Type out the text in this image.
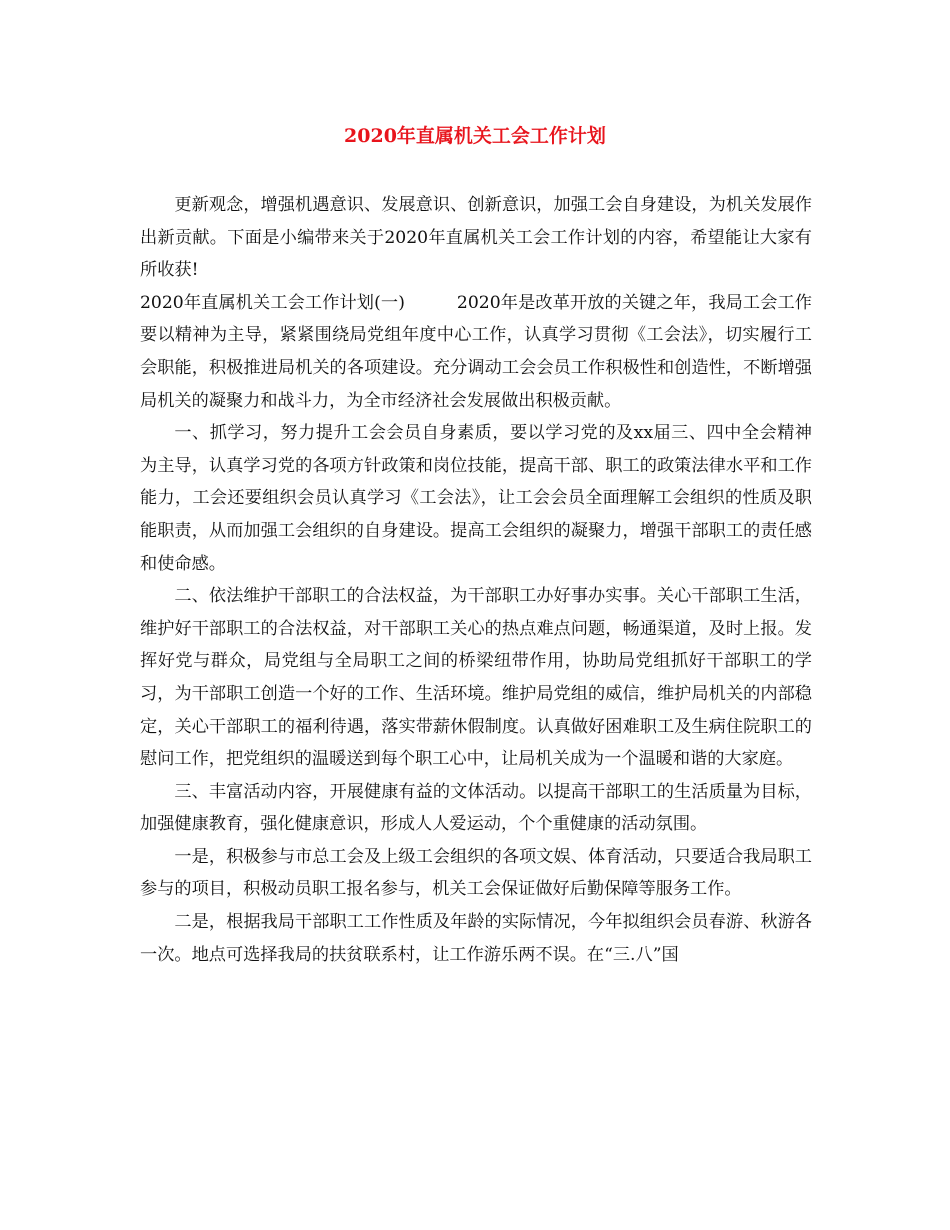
2020年直属机关工会工作计划

更新观念，增强机遇意识、发展意识、创新意识，加强工会自身建设，为机关发展作出新贡献。下面是小编带来关于2020年直属机关工会工作计划的内容，希望能让大家有所收获!

2020年直属机关工会工作计划(一)	2020年是改革开放的关键之年，我局工会工作要以精神为主导，紧紧围绕局党组年度中心工作，认真学习贯彻《工会法》，切实履行工会职能，积极推进局机关的各项建设。充分调动工会会员工作积极性和创造性，不断增强局机关的凝聚力和战斗力，为全市经济社会发展做出积极贡献。

一、抓学习，努力提升工会会员自身素质，要以学习党的及xx届三、四中全会精神为主导，认真学习党的各项方针政策和岗位技能，提高干部、职工的政策法律水平和工作能力，工会还要组织会员认真学习《工会法》，让工会会员全面理解工会组织的性质及职能职责，从而加强工会组织的自身建设。提高工会组织的凝聚力，增强干部职工的责任感和使命感。

二、依法维护干部职工的合法权益，为干部职工办好事办实事。关心干部职工生活，维护好干部职工的合法权益，对干部职工关心的热点难点问题，畅通渠道，及时上报。发挥好党与群众，局党组与全局职工之间的桥梁纽带作用，协助局党组抓好干部职工的学习，为干部职工创造一个好的工作、生活环境。维护局党组的威信，维护局机关的内部稳定，关心干部职工的福利待遇，落实带薪休假制度。认真做好困难职工及生病住院职工的慰问工作，把党组织的温暖送到每个职工心中，让局机关成为一个温暖和谐的大家庭。

三、丰富活动内容，开展健康有益的文体活动。以提高干部职工的生活质量为目标，加强健康教育，强化健康意识，形成人人爱运动，个个重健康的活动氛围。

一是，积极参与市总工会及上级工会组织的各项文娱、体育活动，只要适合我局职工参与的项目，积极动员职工报名参与，机关工会保证做好后勤保障等服务工作。

二是，根据我局干部职工工作性质及年龄的实际情况，今年拟组织会员春游、秋游各一次。地点可选择我局的扶贫联系村，让工作游乐两不误。在“三.八”国
